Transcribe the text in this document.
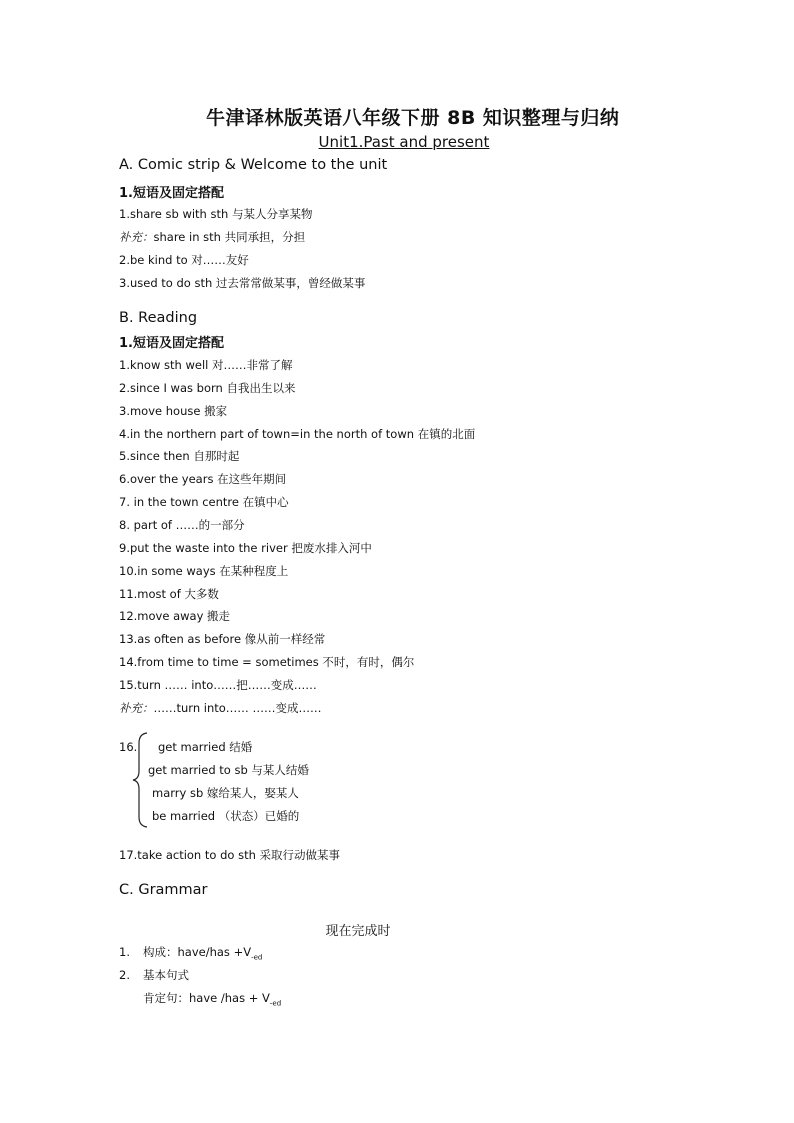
牛津译林版英语八年级下册 8B 知识整理与归纳
Unit1.Past and present
A. Comic strip & Welcome to the unit
1.短语及固定搭配
1.share sb with sth 与某人分享某物
补充：share in sth 共同承担，分担
2.be kind to 对……友好
3.used to do sth 过去常常做某事，曾经做某事
B. Reading
1.短语及固定搭配
1.know sth well 对……非常了解
2.since I was born 自我出生以来
3.move house 搬家
4.in the northern part of town=in the north of town 在镇的北面
5.since then 自那时起
6.over the years 在这些年期间
7. in the town centre 在镇中心
8. part of ……的一部分
9.put the waste into the river 把废水排入河中
10.in some ways 在某种程度上
11.most of 大多数
12.move away 搬走
13.as often as before 像从前一样经常
14.from time to time = sometimes 不时，有时，偶尔
15.turn …… into……把……变成……
补充：……turn into…… ……变成……
16. get married 结婚
get married to sb 与某人结婚
marry sb 嫁给某人，娶某人
be married （状态）已婚的
17.take action to do sth 采取行动做某事
C. Grammar
现在完成时
1. 构成：have/has $+V_{-ed}$
2. 基本句式
肯定句：have $/has + V_{-ed}$
